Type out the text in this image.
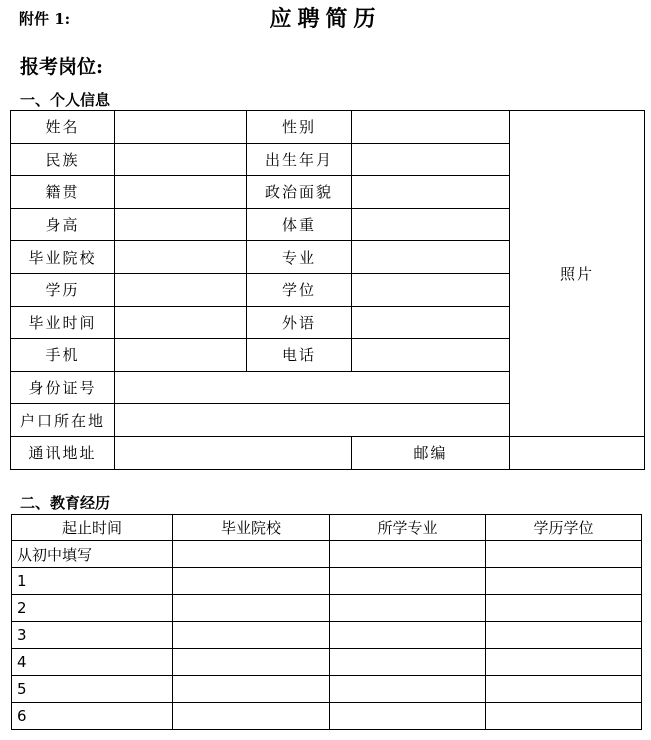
附件 1:	应聘简历
报考岗位:
一、个人信息
姓名		性别		照片
民族		出生年月		
籍贯		政治面貌		
身高		体重		
毕业院校		专业		
学历		学位		
毕业时间		外语		
手机		电话		
身份证号				
户口所在地				
通讯地址			邮编	
二、教育经历
起止时间	毕业院校	所学专业	学历学位
从初中填写			
1			
2			
3			
4			
5			
6			
